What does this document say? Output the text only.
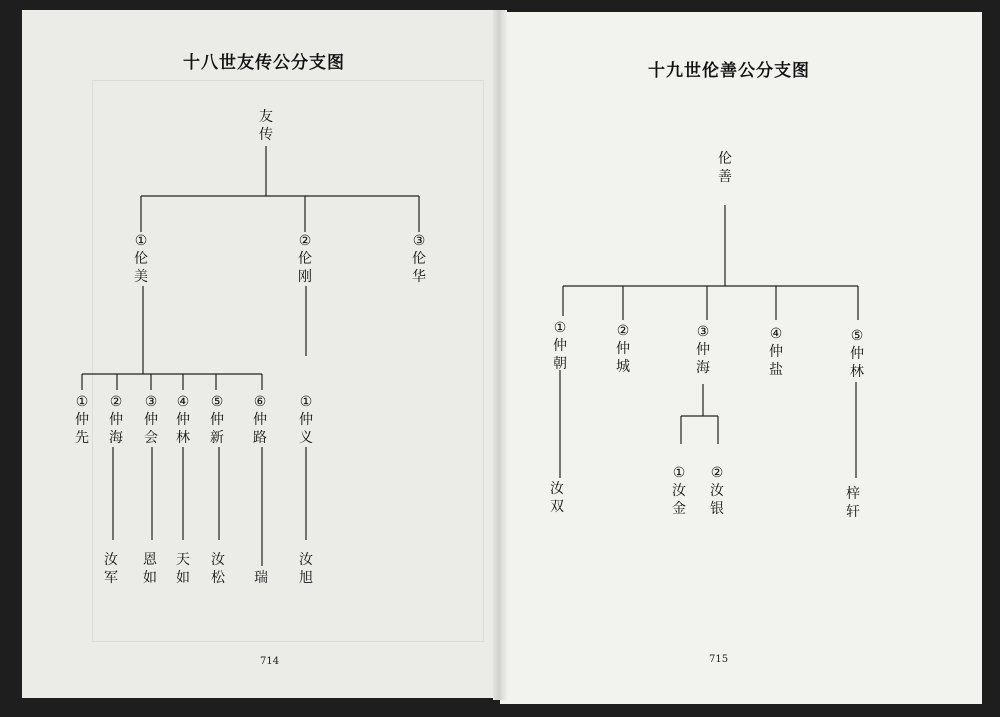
十八世友传公分支图
友
传
①
伦
美
②
伦
刚
③
伦
华
①
仲
先
②
仲
海
③
仲
会
④
仲
林
⑤
仲
新
⑥
仲
路
①
仲
义
汝
军
恩
如
天
如
汝
松 瑞
汝
旭
714
十九世伦善公分支图
伦
善
①
仲
朝
②
仲
城
③
仲
海
④
仲
盐
⑤
仲
林
汝
双
①
汝
金
②
汝
银
梓
轩
715
